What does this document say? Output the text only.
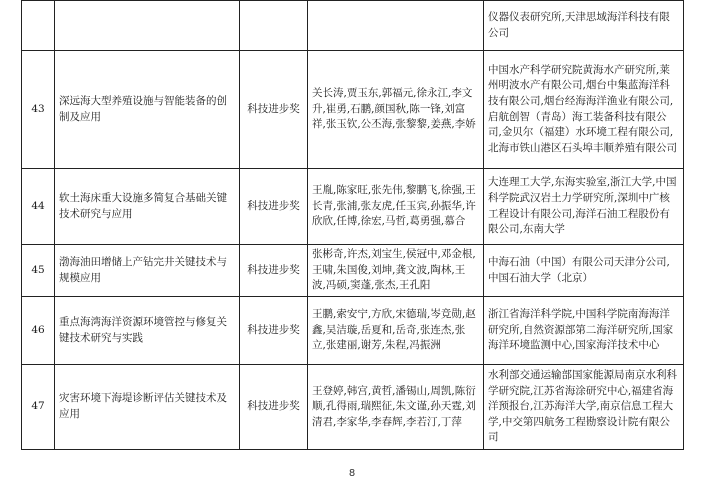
				仪器仪表研究所,天津思域海洋科技有限公司
43	深远海大型养殖设施与智能装备的创制及应用	科技进步奖	关长涛,贾玉东,郭福元,徐永江,李文升,崔勇,石鹏,颜国秋,陈一锋,刘富祥,张玉钦,公丕海,张黎黎,姜燕,李娇	中国水产科学研究院黄海水产研究所,莱州明波水产有限公司,烟台中集蓝海洋科技有限公司,烟台经海海洋渔业有限公司,启航创智（青岛）海工装备科技有限公司,金贝尔（福建）水环境工程有限公司,北海市铁山港区石头埠丰顺养殖有限公司
44	软土海床重大设施多简复合基础关键技术研究与应用	科技进步奖	王胤,陈家旺,张先伟,黎鹏飞,徐强,王长青,张浦,张友虎,任玉宾,孙振华,许欣欣,任博,徐宏,马哲,葛勇强,慕合	大连理工大学,东海实验室,浙江大学,中国科学院武汉岩土力学研究所,深圳中广核工程设计有限公司,海洋石油工程股份有限公司,东南大学
45	渤海油田增储上产钻完井关键技术与规模应用	科技进步奖	张彬奇,许杰,刘宝生,侯冠中,邓金根,王啸,朱国俊,刘坤,龚文波,陶林,王波,冯硕,窦蓬,张杰,王孔阳	中海石油（中国）有限公司天津分公司,中国石油大学（北京）
46	重点海湾海洋资源环境管控与修复关键技术研究与实践	科技进步奖	王鹏,索安宁,方欣,宋德瑞,岑竞勋,赵鑫,吴洁璇,岳夏和,岳奇,张连杰,张立,张建丽,谢芳,朱程,冯振洲	浙江省海洋科学院,中国科学院南海海洋研究所,自然资源部第二海洋研究所,国家海洋环境监测中心,国家海洋技术中心
47	灾害环境下海堤诊断评估关键技术及应用	科技进步奖	王登婷,韩宫,黄哲,潘锡山,周凯,陈衍顺,孔得雨,瑞熙征,朱文谨,孙天霆,刘清君,李家华,李春辉,李若汀,丁萍	水利部交通运输部国家能源局南京水利科学研究院,江苏省海涂研究中心,福建省海洋预报台,江苏海洋大学,南京信息工程大学,中交第四航务工程勘察设计院有限公司
8
